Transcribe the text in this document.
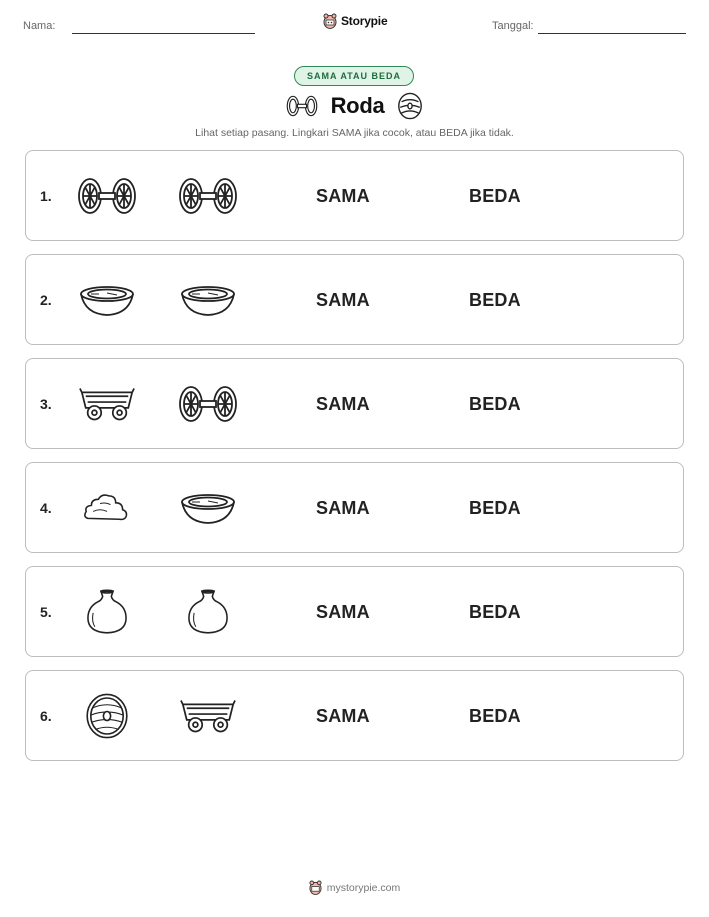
Nama:	Storypie	Tanggal:
SAMA ATAU BEDA
Roda
Lihat setiap pasang. Lingkari SAMA jika cocok, atau BEDA jika tidak.
1.	SAMA	BEDA
2.	SAMA	BEDA
3.	SAMA	BEDA
4.	SAMA	BEDA
5.	SAMA	BEDA
6.	SAMA	BEDA
mystorypie.com
